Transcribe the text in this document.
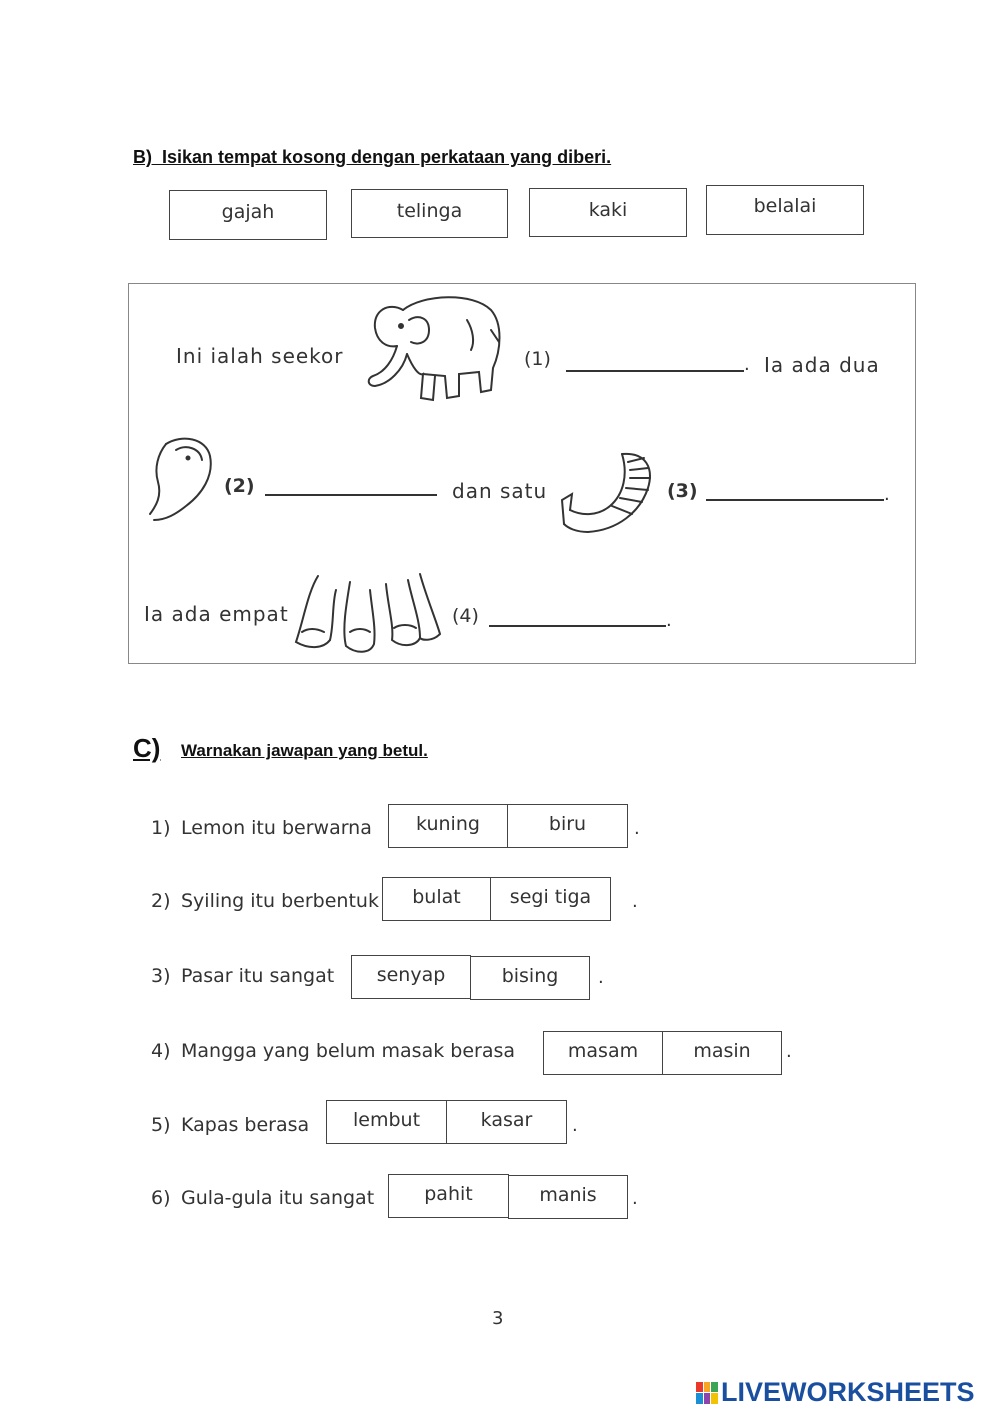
B) Isikan tempat kosong dengan perkataan yang diberi.
gajah	telinga	kaki	belalai
Ini ialah seekor	(1)	. Ia ada dua
(2)	dan satu	(3)	.
Ia ada empat	(4)	.
C) Warnakan jawapan yang betul.
1) Lemon itu berwarna	kuning	biru	.
2) Syiling itu berbentuk	bulat	segi tiga	.
3) Pasar itu sangat	senyap	bising	.
4) Mangga yang belum masak berasa	masam	masin	.
5) Kapas berasa	lembut	kasar	.
6) Gula-gula itu sangat	pahit	manis	.
3
LIVEWORKSHEETS
